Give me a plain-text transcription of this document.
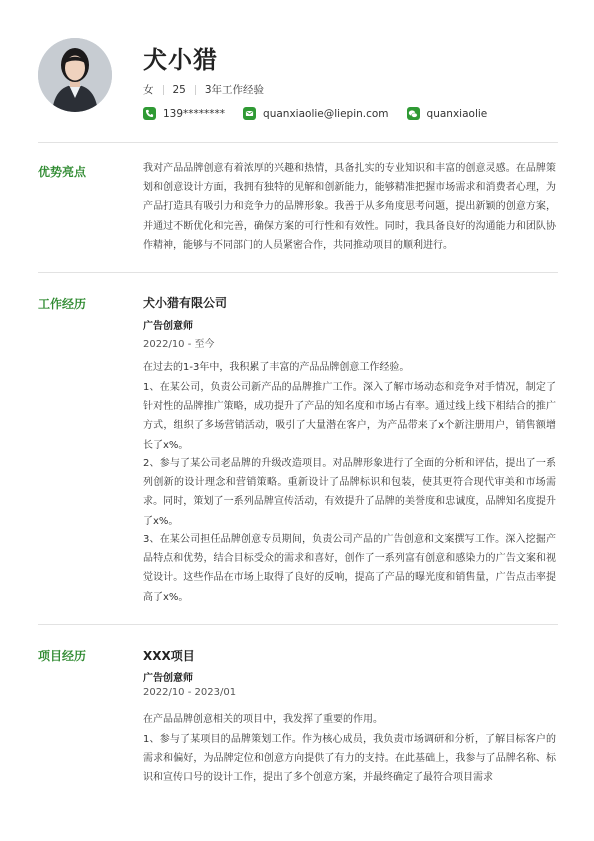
犬小猎
女 25 3年工作经验
139********	quanxiaolie@liepin.com	quanxiaolie
优势亮点	我对产品品牌创意有着浓厚的兴趣和热情，具备扎实的专业知识和丰富的创意灵感。在品牌策划和创意设计方面，我拥有独特的见解和创新能力，能够精准把握市场需求和消费者心理，为产品打造具有吸引力和竞争力的品牌形象。我善于从多角度思考问题，提出新颖的创意方案，并通过不断优化和完善，确保方案的可行性和有效性。同时，我具备良好的沟通能力和团队协作精神，能够与不同部门的人员紧密合作，共同推动项目的顺利进行。

工作经历	犬小猎有限公司
广告创意师
2022/10 - 至今

在过去的1-3年中，我积累了丰富的产品品牌创意工作经验。

1、在某公司，负责公司新产品的品牌推广工作。深入了解市场动态和竞争对手情况，制定了针对性的品牌推广策略，成功提升了产品的知名度和市场占有率。通过线上线下相结合的推广方式，组织了多场营销活动，吸引了大量潜在客户，为产品带来了x个新注册用户，销售额增长了x%。

2、参与了某公司老品牌的升级改造项目。对品牌形象进行了全面的分析和评估，提出了一系列创新的设计理念和营销策略。重新设计了品牌标识和包装，使其更符合现代审美和市场需求。同时，策划了一系列品牌宣传活动，有效提升了品牌的美誉度和忠诚度，品牌知名度提升了x%。

3、在某公司担任品牌创意专员期间，负责公司产品的广告创意和文案撰写工作。深入挖掘产品特点和优势，结合目标受众的需求和喜好，创作了一系列富有创意和感染力的广告文案和视觉设计。这些作品在市场上取得了良好的反响，提高了产品的曝光度和销售量，广告点击率提高了x%。

项目经历	XXX项目
广告创意师
2022/10 - 2023/01

在产品品牌创意相关的项目中，我发挥了重要的作用。

1、参与了某项目的品牌策划工作。作为核心成员，我负责市场调研和分析，了解目标客户的需求和偏好，为品牌定位和创意方向提供了有力的支持。在此基础上，我参与了品牌名称、标识和宣传口号的设计工作，提出了多个创意方案，并最终确定了最符合项目需求
